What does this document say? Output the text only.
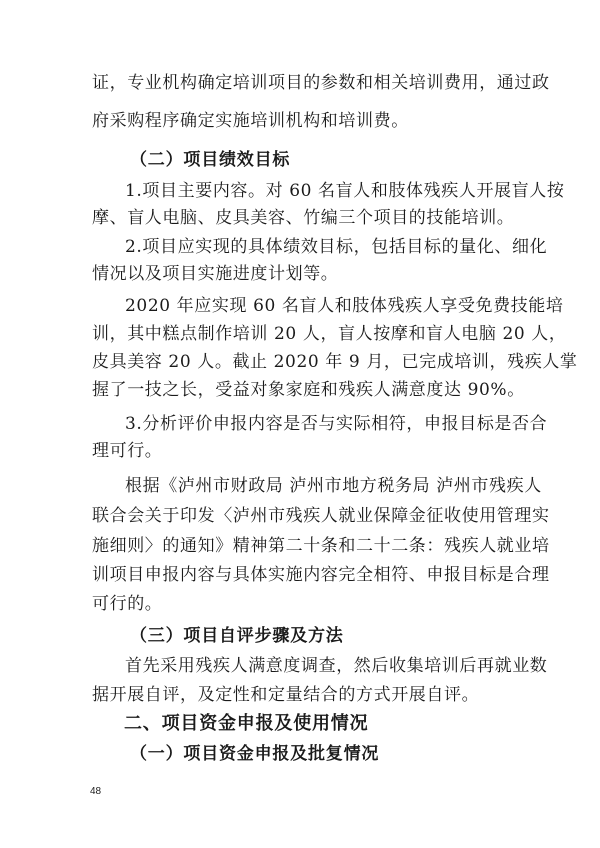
证，专业机构确定培训项目的参数和相关培训费用，通过政
府采购程序确定实施培训机构和培训费。
（二）项目绩效目标
1.项目主要内容。对 60 名盲人和肢体残疾人开展盲人按
摩、盲人电脑、皮具美容、竹编三个项目的技能培训。
2.项目应实现的具体绩效目标，包括目标的量化、细化
情况以及项目实施进度计划等。
2020 年应实现 60 名盲人和肢体残疾人享受免费技能培
训，其中糕点制作培训 20 人，盲人按摩和盲人电脑 20 人，
皮具美容 20 人。截止 2020 年 9 月，已完成培训，残疾人掌
握了一技之长，受益对象家庭和残疾人满意度达 90%。
3.分析评价申报内容是否与实际相符，申报目标是否合
理可行。
根据《泸州市财政局 泸州市地方税务局 泸州市残疾人
联合会关于印发〈泸州市残疾人就业保障金征收使用管理实
施细则〉的通知》精神第二十条和二十二条：残疾人就业培
训项目申报内容与具体实施内容完全相符、申报目标是合理
可行的。
（三）项目自评步骤及方法
首先采用残疾人满意度调查，然后收集培训后再就业数
据开展自评，及定性和定量结合的方式开展自评。
二、项目资金申报及使用情况
（一）项目资金申报及批复情况
48
